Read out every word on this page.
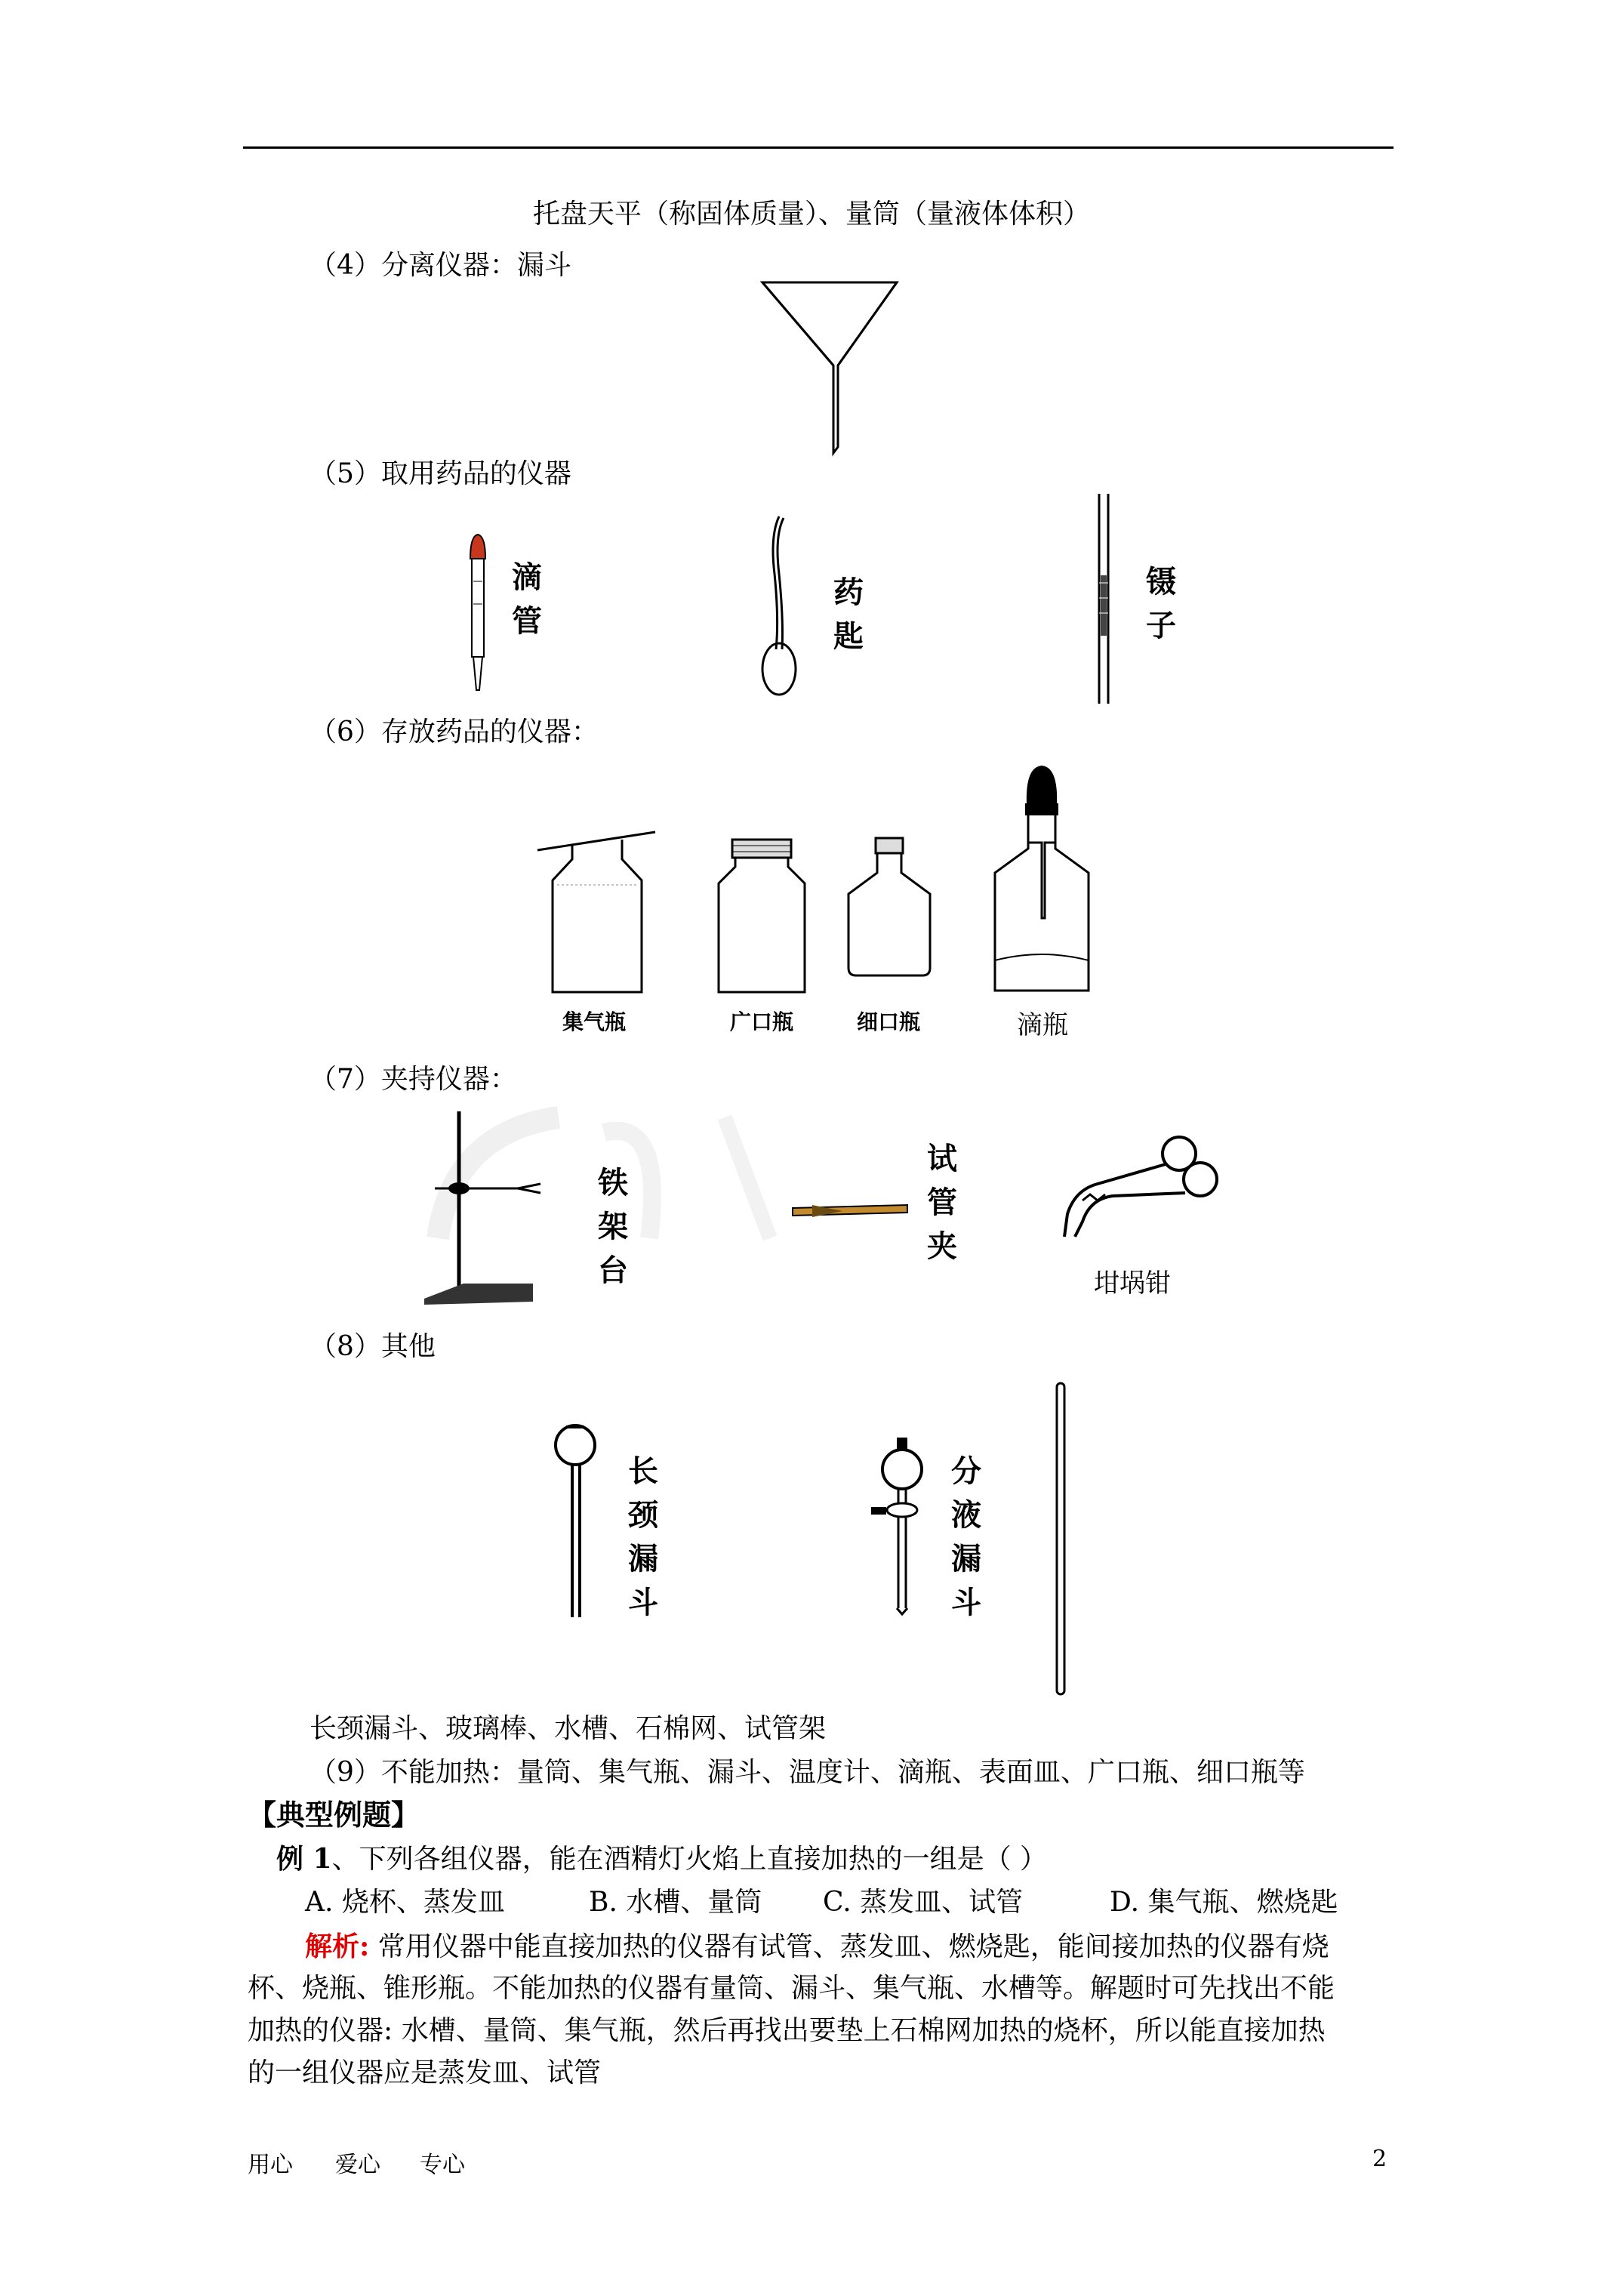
托盘天平（称固体质量）、量筒（量液体体积）
（4）分离仪器：漏斗
（5）取用药品的仪器
滴
管
药
匙
镊
子
（6）存放药品的仪器：
集气瓶	广口瓶	细口瓶	滴瓶
（7）夹持仪器：
铁
架
台
试
管
夹
坩埚钳
（8）其他
长
颈
漏
斗
分
液
漏
斗
长颈漏斗、玻璃棒、水槽、石棉网、试管架
（9）不能加热：量筒、集气瓶、漏斗、温度计、滴瓶、表面皿、广口瓶、细口瓶等
【典型例题】
例 1、下列各组仪器，能在酒精灯火焰上直接加热的一组是（ ）
A. 烧杯、蒸发皿	B. 水槽、量筒 C. 蒸发皿、试管	D. 集气瓶、燃烧匙
解析: 常用仪器中能直接加热的仪器有试管、蒸发皿、燃烧匙，能间接加热的仪器有烧
杯、烧瓶、锥形瓶。不能加热的仪器有量筒、漏斗、集气瓶、水槽等。解题时可先找出不能
加热的仪器: 水槽、量筒、集气瓶，然后再找出要垫上石棉网加热的烧杯，所以能直接加热
的一组仪器应是蒸发皿、试管
用心 爱心 专心	2
